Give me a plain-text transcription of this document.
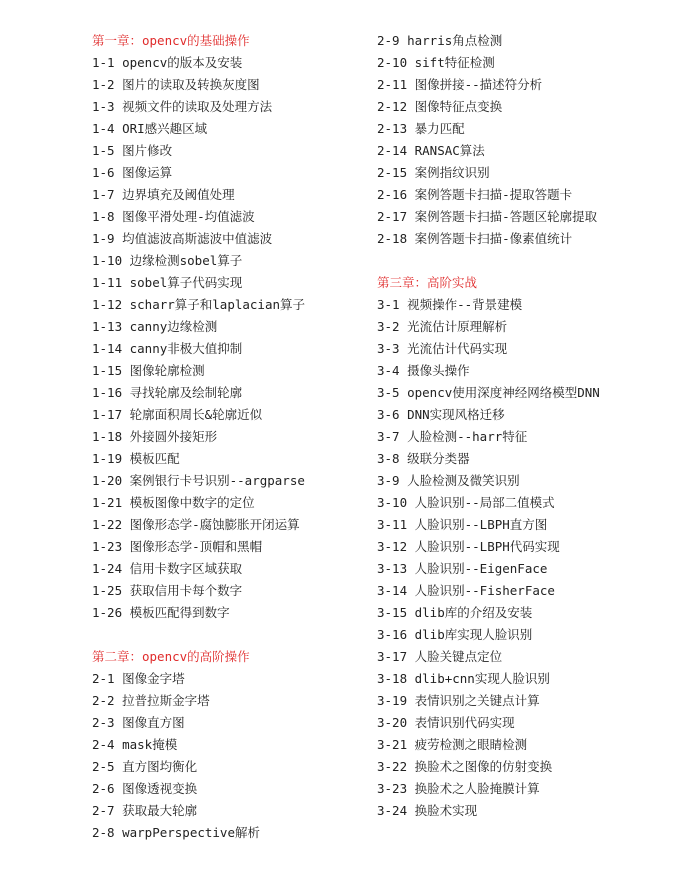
第一章：opencv的基础操作
1-1 opencv的版本及安装
1-2 图片的读取及转换灰度图
1-3 视频文件的读取及处理方法
1-4 ORI感兴趣区域
1-5 图片修改
1-6 图像运算
1-7 边界填充及阈值处理
1-8 图像平滑处理-均值滤波
1-9 均值滤波高斯滤波中值滤波
1-10 边缘检测sobel算子
1-11 sobel算子代码实现
1-12 scharr算子和laplacian算子
1-13 canny边缘检测
1-14 canny非极大值抑制
1-15 图像轮廓检测
1-16 寻找轮廓及绘制轮廓
1-17 轮廓面积周长&轮廓近似
1-18 外接圆外接矩形
1-19 模板匹配
1-20 案例银行卡号识别--argparse
1-21 模板图像中数字的定位
1-22 图像形态学-腐蚀膨胀开闭运算
1-23 图像形态学-顶帽和黑帽
1-24 信用卡数字区域获取
1-25 获取信用卡每个数字
1-26 模板匹配得到数字
第二章：opencv的高阶操作
2-1 图像金字塔
2-2 拉普拉斯金字塔
2-3 图像直方图
2-4 mask掩模
2-5 直方图均衡化
2-6 图像透视变换
2-7 获取最大轮廓
2-8 warpPerspective解析
2-9 harris角点检测
2-10 sift特征检测
2-11 图像拼接--描述符分析
2-12 图像特征点变换
2-13 暴力匹配
2-14 RANSAC算法
2-15 案例指纹识别
2-16 案例答题卡扫描-提取答题卡
2-17 案例答题卡扫描-答题区轮廓提取
2-18 案例答题卡扫描-像素值统计
第三章：高阶实战
3-1 视频操作--背景建模
3-2 光流估计原理解析
3-3 光流估计代码实现
3-4 摄像头操作
3-5 opencv使用深度神经网络模型DNN
3-6 DNN实现风格迁移
3-7 人脸检测--harr特征
3-8 级联分类器
3-9 人脸检测及微笑识别
3-10 人脸识别--局部二值模式
3-11 人脸识别--LBPH直方图
3-12 人脸识别--LBPH代码实现
3-13 人脸识别--EigenFace
3-14 人脸识别--FisherFace
3-15 dlib库的介绍及安装
3-16 dlib库实现人脸识别
3-17 人脸关键点定位
3-18 dlib+cnn实现人脸识别
3-19 表情识别之关键点计算
3-20 表情识别代码实现
3-21 疲劳检测之眼睛检测
3-22 换脸术之图像的仿射变换
3-23 换脸术之人脸掩膜计算
3-24 换脸术实现
